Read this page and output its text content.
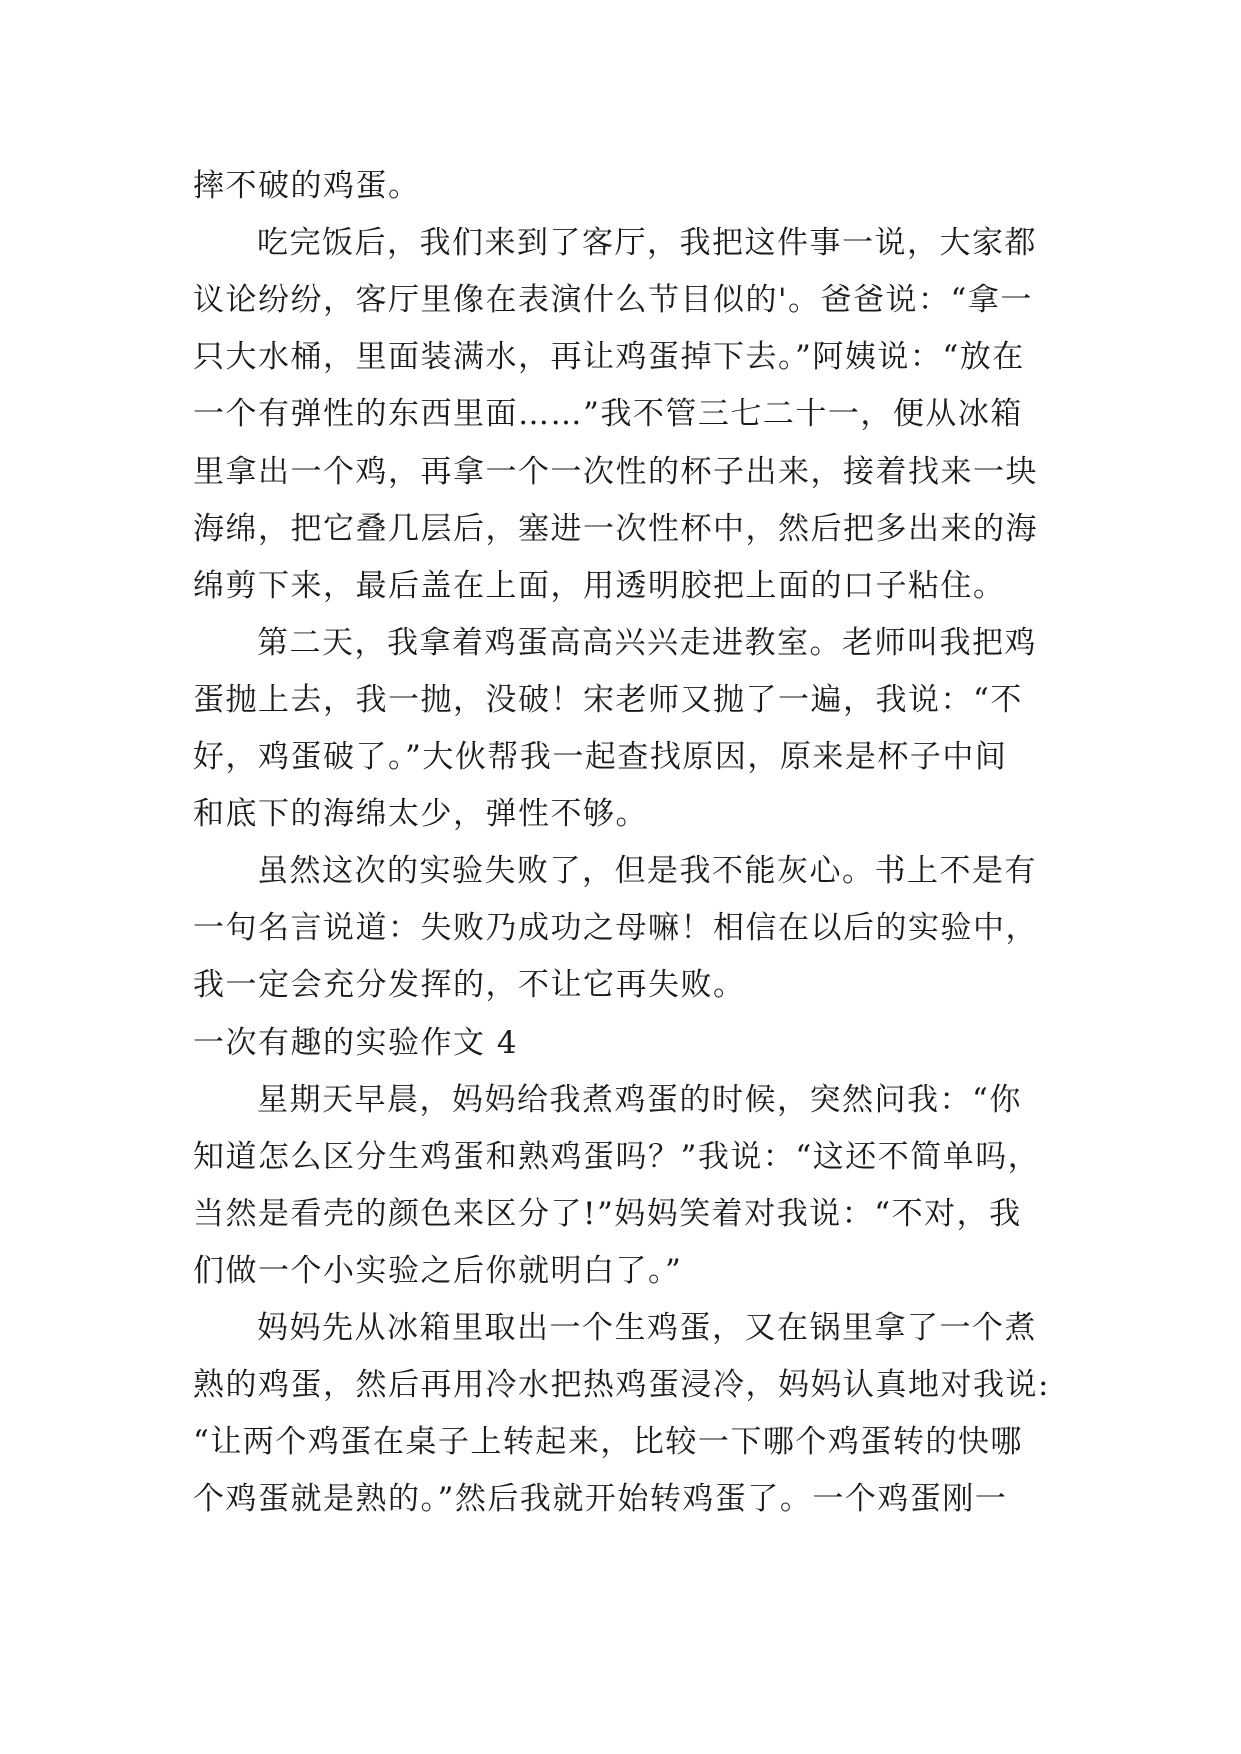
摔不破的鸡蛋。
吃完饭后，我们来到了客厅，我把这件事一说，大家都
议论纷纷，客厅里像在表演什么节目似的'。爸爸说：“拿一
只大水桶，里面装满水，再让鸡蛋掉下去。”阿姨说：“放在
一个有弹性的东西里面……”我不管三七二十一，便从冰箱
里拿出一个鸡，再拿一个一次性的杯子出来，接着找来一块
海绵，把它叠几层后，塞进一次性杯中，然后把多出来的海
绵剪下来，最后盖在上面，用透明胶把上面的口子粘住。
第二天，我拿着鸡蛋高高兴兴走进教室。老师叫我把鸡
蛋抛上去，我一抛，没破！宋老师又抛了一遍，我说：“不
好，鸡蛋破了。”大伙帮我一起查找原因，原来是杯子中间
和底下的海绵太少，弹性不够。
虽然这次的实验失败了，但是我不能灰心。书上不是有
一句名言说道：失败乃成功之母嘛！相信在以后的实验中，
我一定会充分发挥的，不让它再失败。
一次有趣的实验作文 4
星期天早晨，妈妈给我煮鸡蛋的时候，突然问我：“你
知道怎么区分生鸡蛋和熟鸡蛋吗？”我说：“这还不简单吗，
当然是看壳的颜色来区分了!”妈妈笑着对我说：“不对，我
们做一个小实验之后你就明白了。”
妈妈先从冰箱里取出一个生鸡蛋，又在锅里拿了一个煮
熟的鸡蛋，然后再用冷水把热鸡蛋浸冷，妈妈认真地对我说:
“让两个鸡蛋在桌子上转起来，比较一下哪个鸡蛋转的快哪
个鸡蛋就是熟的。”然后我就开始转鸡蛋了。一个鸡蛋刚一
